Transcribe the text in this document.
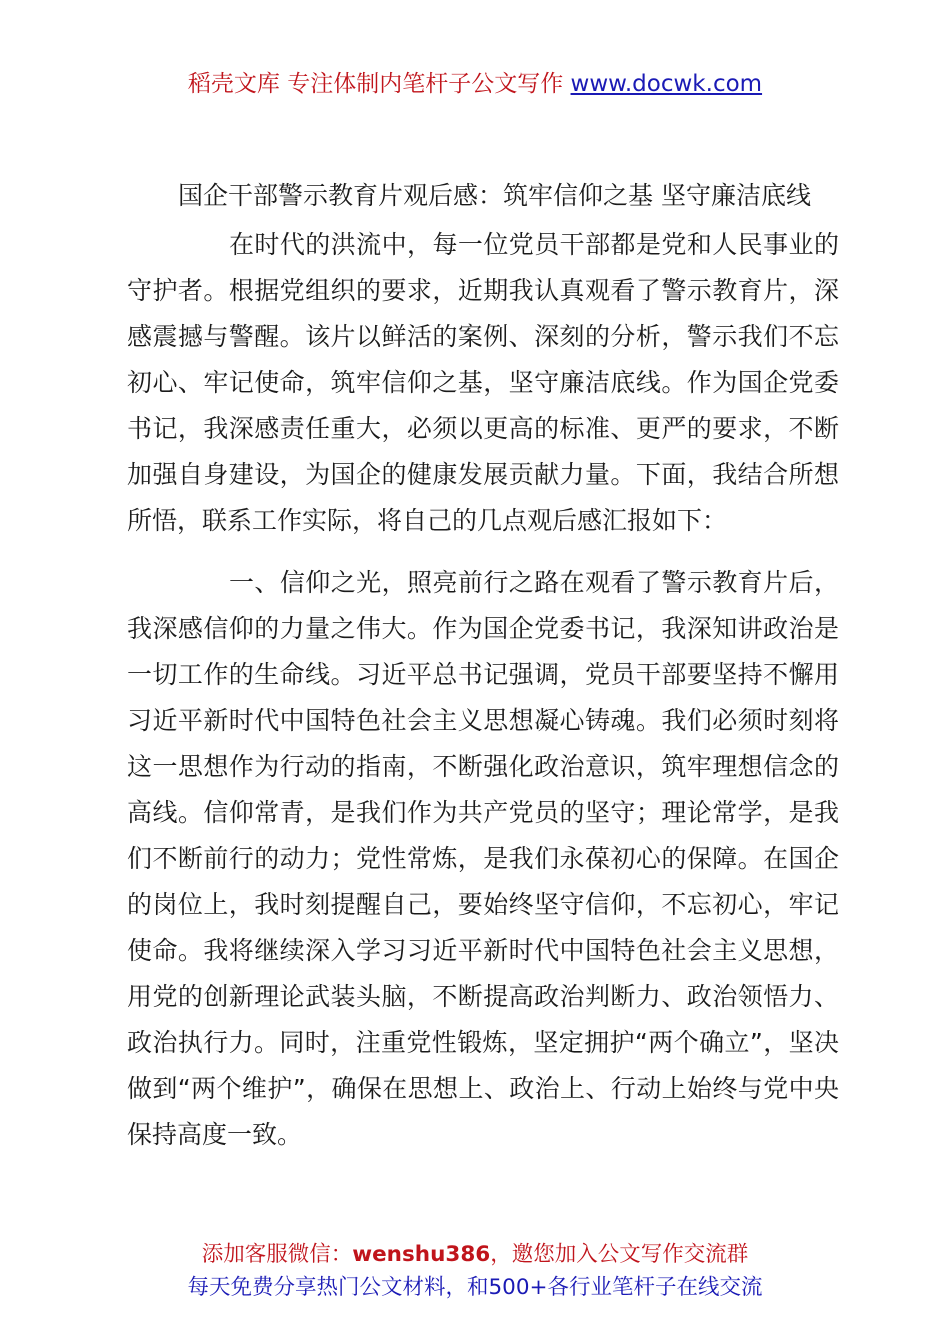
稻壳文库 专注体制内笔杆子公文写作 www.docwk.com
国企干部警示教育片观后感：筑牢信仰之基 坚守廉洁底线

在时代的洪流中，每一位党员干部都是党和人民事业的守护者。根据党组织的要求，近期我认真观看了警示教育片，深感震撼与警醒。该片以鲜活的案例、深刻的分析，警示我们不忘初心、牢记使命，筑牢信仰之基，坚守廉洁底线。作为国企党委书记，我深感责任重大，必须以更高的标准、更严的要求，不断加强自身建设，为国企的健康发展贡献力量。下面，我结合所想所悟，联系工作实际，将自己的几点观后感汇报如下：

一、信仰之光，照亮前行之路在观看了警示教育片后，我深感信仰的力量之伟大。作为国企党委书记，我深知讲政治是一切工作的生命线。习近平总书记强调，党员干部要坚持不懈用习近平新时代中国特色社会主义思想凝心铸魂。我们必须时刻将这一思想作为行动的指南，不断强化政治意识，筑牢理想信念的高线。信仰常青，是我们作为共产党员的坚守；理论常学，是我们不断前行的动力；党性常炼，是我们永葆初心的保障。在国企的岗位上，我时刻提醒自己，要始终坚守信仰，不忘初心，牢记使命。我将继续深入学习习近平新时代中国特色社会主义思想，用党的创新理论武装头脑，不断提高政治判断力、政治领悟力、政治执行力。同时，注重党性锻炼，坚定拥护“两个确立”，坚决做到“两个维护”，确保在思想上、政治上、行动上始终与党中央保持高度一致。

添加客服微信：wenshu386，邀您加入公文写作交流群
每天免费分享热门公文材料，和500+各行业笔杆子在线交流
